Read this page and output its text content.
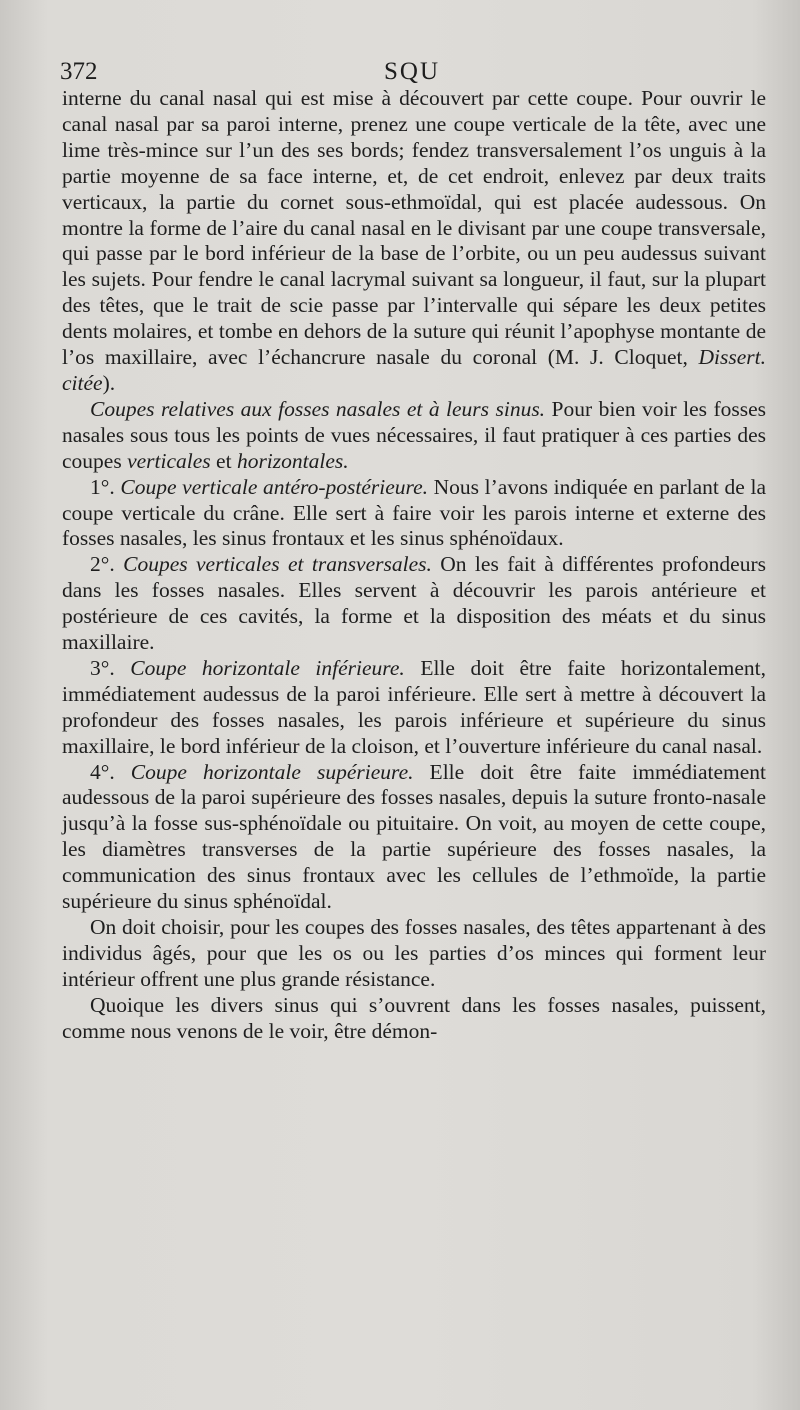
372	SQU

interne du canal nasal qui est mise à découvert par cette coupe. Pour ouvrir le canal nasal par sa paroi interne, prenez une coupe verticale de la tête, avec une lime très-mince sur l’un des ses bords; fendez transversalement l’os unguis à la partie moyenne de sa face interne, et, de cet endroit, enlevez par deux traits verticaux, la partie du cornet sous-ethmoïdal, qui est placée audessous. On montre la forme de l’aire du canal nasal en le divisant par une coupe transversale, qui passe par le bord inférieur de la base de l’orbite, ou un peu audessus suivant les sujets. Pour fendre le canal lacrymal suivant sa longueur, il faut, sur la plupart des têtes, que le trait de scie passe par l’intervalle qui sépare les deux petites dents molaires, et tombe en dehors de la suture qui réunit l’apophyse montante de l’os maxillaire, avec l’échancrure nasale du coronal (M. J. Cloquet, Dissert. citée).

Coupes relatives aux fosses nasales et à leurs sinus. Pour bien voir les fosses nasales sous tous les points de vues nécessaires, il faut pratiquer à ces parties des coupes verticales et horizontales.

1°. Coupe verticale antéro-postérieure. Nous l’avons indiquée en parlant de la coupe verticale du crâne. Elle sert à faire voir les parois interne et externe des fosses nasales, les sinus frontaux et les sinus sphénoïdaux.

2°. Coupes verticales et transversales. On les fait à différentes profondeurs dans les fosses nasales. Elles servent à découvrir les parois antérieure et postérieure de ces cavités, la forme et la disposition des méats et du sinus maxillaire.

3°. Coupe horizontale inférieure. Elle doit être faite horizontalement, immédiatement audessus de la paroi inférieure. Elle sert à mettre à découvert la profondeur des fosses nasales, les parois inférieure et supérieure du sinus maxillaire, le bord inférieur de la cloison, et l’ouverture inférieure du canal nasal.

4°. Coupe horizontale supérieure. Elle doit être faite immédiatement audessous de la paroi supérieure des fosses nasales, depuis la suture fronto-nasale jusqu’à la fosse sus-sphénoïdale ou pituitaire. On voit, au moyen de cette coupe, les diamètres transverses de la partie supérieure des fosses nasales, la communication des sinus frontaux avec les cellules de l’ethmoïde, la partie supérieure du sinus sphénoïdal.

On doit choisir, pour les coupes des fosses nasales, des têtes appartenant à des individus âgés, pour que les os ou les parties d’os minces qui forment leur intérieur offrent une plus grande résistance.

Quoique les divers sinus qui s’ouvrent dans les fosses nasales, puissent, comme nous venons de le voir, être démon-
